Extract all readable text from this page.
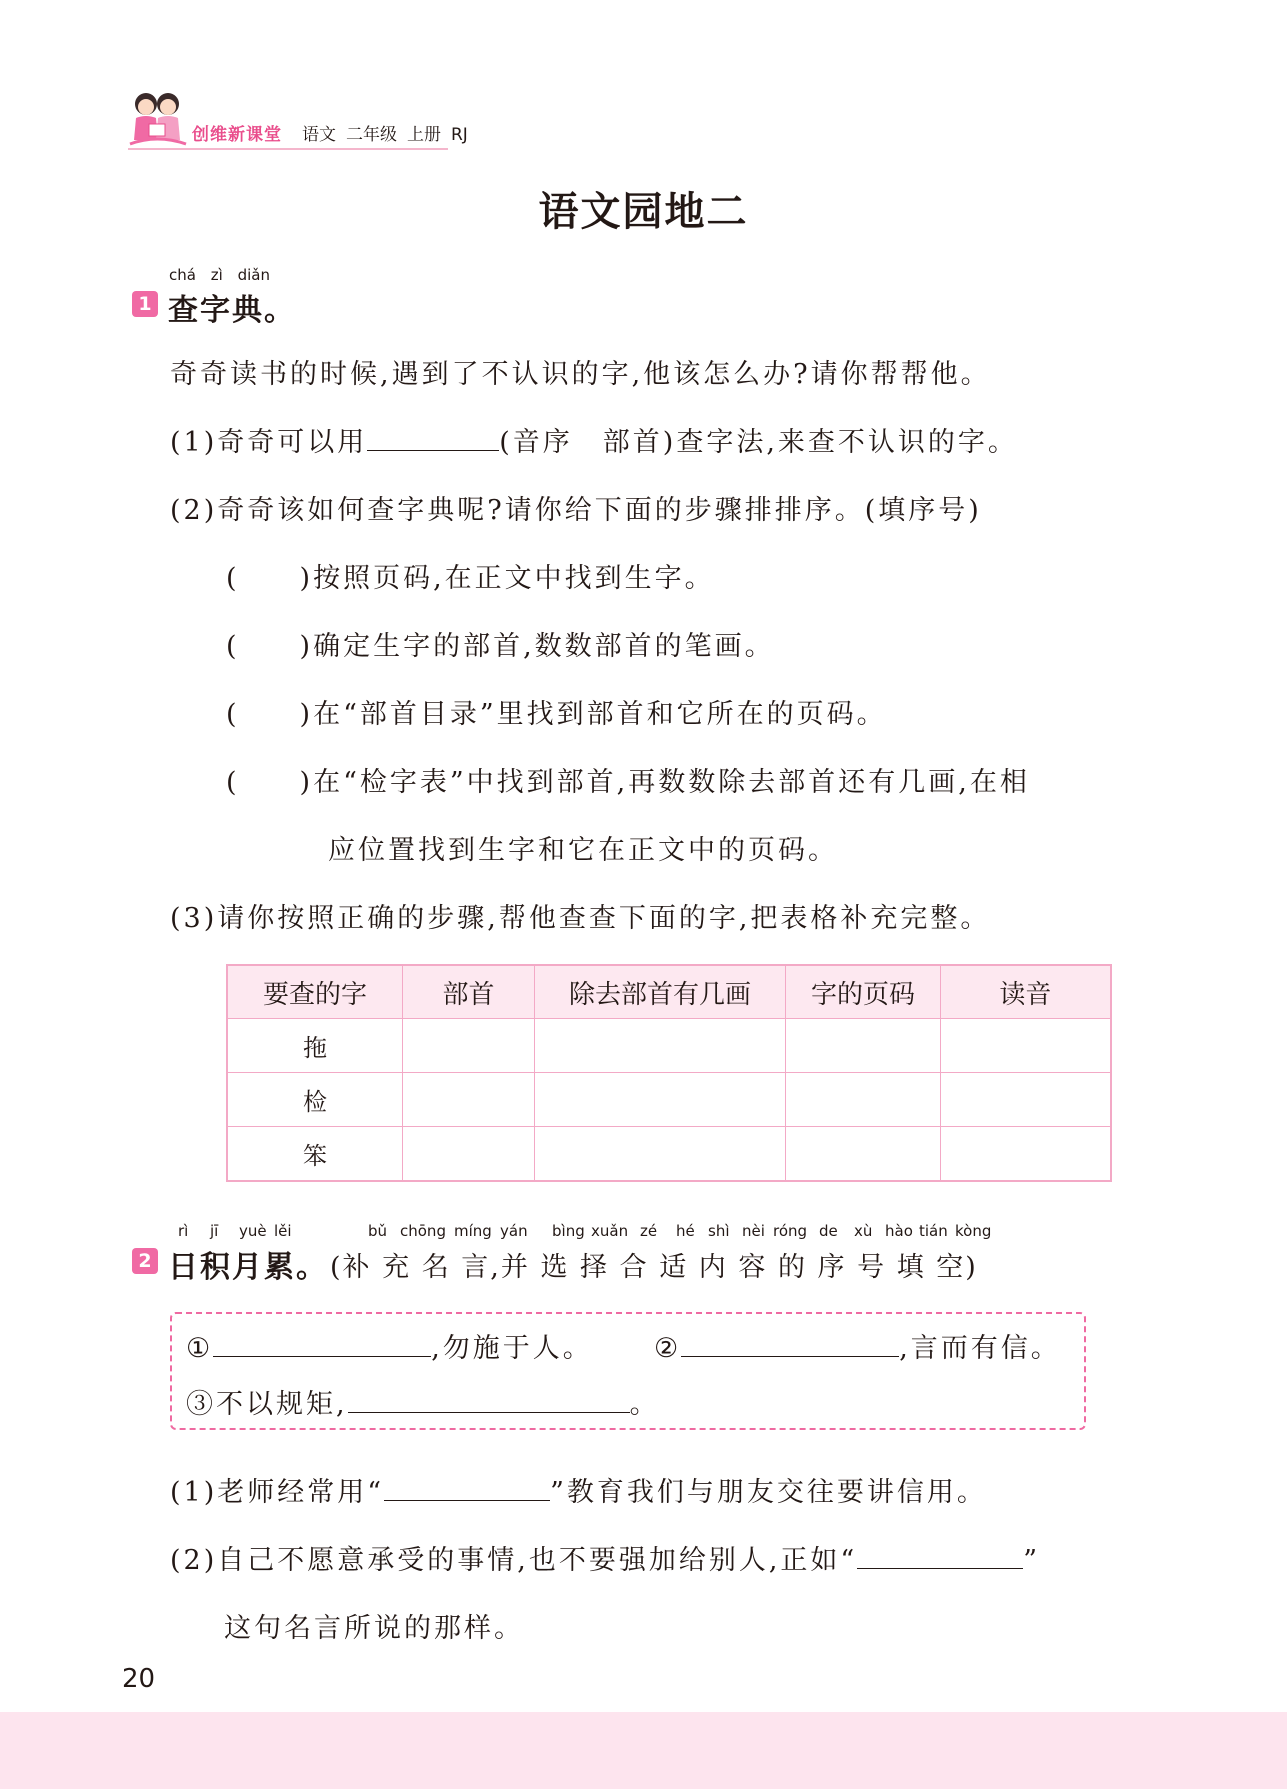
创维新课堂 语文 二年级 上册 RJ
语文园地二
chá zì diǎn
1 查字典。
奇奇读书的时候,遇到了不认识的字,他该怎么办?请你帮帮他。
(1)奇奇可以用	(音序　部首)查字法,来查不认识的字。
(2)奇奇该如何查字典呢?请你给下面的步骤排排序。(填序号)
(　　)按照页码,在正文中找到生字。
(　　)确定生字的部首,数数部首的笔画。
(　　)在“部首目录”里找到部首和它所在的页码。
(　　)在“检字表”中找到部首,再数数除去部首还有几画,在相
应位置找到生字和它在正文中的页码。
(3)请你按照正确的步骤,帮他查查下面的字,把表格补充完整。
要查的字	部首	除去部首有几画	字的页码	读音
拖				
检				
笨				
rì jī yuè lěi	bǔ chōng míng yán bìng xuǎn zé hé shì nèi róng de xù hào tián kòng
2 日积月累。 (补 充 名 言,并 选 择 合 适 内 容 的 序 号 填 空)
①	,勿施于人。 ②	,言而有信。
③不以规矩,	。
(1)老师经常用“	”教育我们与朋友交往要讲信用。
(2)自己不愿意承受的事情,也不要强加给别人,正如“	”
这句名言所说的那样。
20
